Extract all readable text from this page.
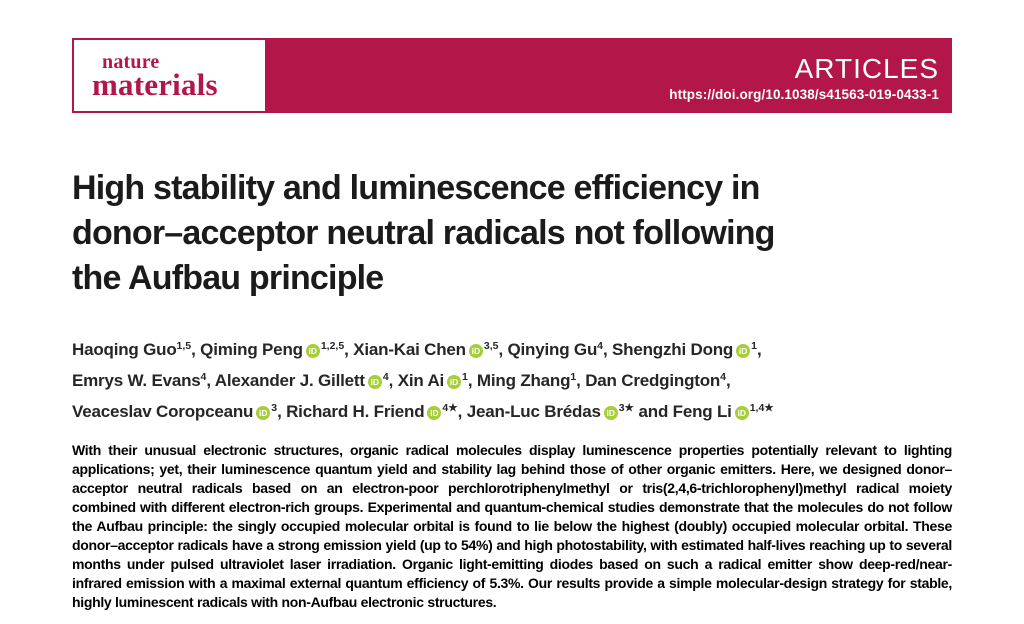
nature
materials	ARTICLES
https://doi.org/10.1038/s41563-019-0433-1
High stability and luminescence efficiency in
donor–acceptor neutral radicals not following
the Aufbau principle
Haoqing Guo$^{1,5}$, Qiming Peng iD $^{1,2,5}$, Xian-Kai Chen iD $^{3,5}$, Qinying Gu$^4$, Shengzhi Dong iD $^1$,
Emrys W. Evans$^4$, Alexander J. Gillett iD $^4$, Xin Ai iD $^1$, Ming Zhang$^1$, Dan Credgington$^4$,
Veaceslav Coropceanu iD $^3$, Richard H. Friend iD $^{4★}$, Jean-Luc Brédas iD $^{3★}$ and Feng Li iD $^{1,4★}$

With their unusual electronic structures, organic radical molecules display luminescence properties potentially relevant to lighting applications; yet, their luminescence quantum yield and stability lag behind those of other organic emitters. Here, we designed donor–acceptor neutral radicals based on an electron-poor perchlorotriphenylmethyl or tris(2,4,6-trichlorophenyl)methyl radical moiety combined with different electron-rich groups. Experimental and quantum-chemical studies demonstrate that the molecules do not follow the Aufbau principle: the singly occupied molecular orbital is found to lie below the highest (doubly) occupied molecular orbital. These donor–acceptor radicals have a strong emission yield (up to 54%) and high photostability, with estimated half-lives reaching up to several months under pulsed ultraviolet laser irradiation. Organic light-emitting diodes based on such a radical emitter show deep-red/near-infrared emission with a maximal external quantum efficiency of 5.3%. Our results provide a simple molecular-design strategy for stable, highly luminescent radicals with non-Aufbau electronic structures.
